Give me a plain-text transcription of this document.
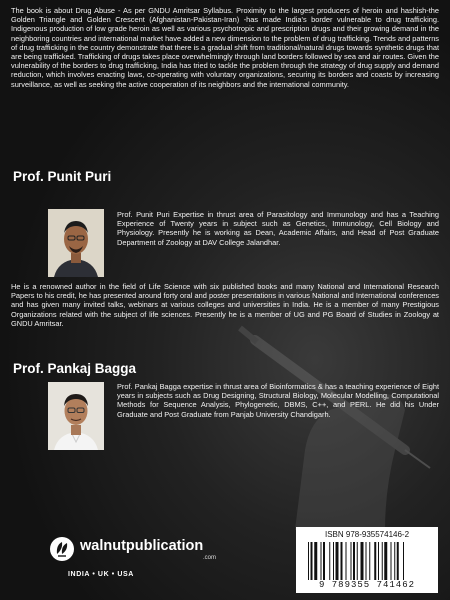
The book is about Drug Abuse - As per GNDU Amritsar Syllabus. Proximity to the largest producers of heroin and hashish-the Golden Triangle and Golden Crescent (Afghanistan-Pakistan-Iran) -has made India's border vulnerable to drug trafficking. Indigenous production of low grade heroin as well as various psychotropic and prescription drugs and their growing demand in the neighboring countries and international market have added a new dimension to the problem of drug trafficking. Trends and patterns of drug trafficking in the country demonstrate that there is a gradual shift from traditional/natural drugs towards synthetic drugs that are being trafficked. Trafficking of drugs takes place overwhelmingly through land borders followed by sea and air routes. Given the vulnerability of the borders to drug trafficking, India has tried to tackle the problem through the strategy of drug supply and demand reduction, which involves enacting laws, co-operating with voluntary organizations, securing its borders and coasts by increasing surveillance, as well as seeking the active cooperation of its neighbors and the international community.

Prof. Punit Puri

Prof. Punit Puri Expertise in thrust area of Parasitology and Immunology and has a Teaching Experience of Twenty years in subject such as Genetics, Immunology, Cell Biology and Physiology. Presently he is working as Dean, Academic Affairs, and Head of Post Graduate Department of Zoology at DAV College Jalandhar.

He is a renowned author in the field of Life Science with six published books and many National and International Research Papers to his credit, he has presented around forty oral and poster presentations in various National and International conferences and has given many invited talks, webinars at various colleges and universities in India. He is a member of many Prestigious Organizations related with the subject of life sciences. Presently he is a member of UG and PG Board of Studies in Zoology at GNDU Amritsar.

Prof. Pankaj Bagga

Prof. Pankaj Bagga expertise in thrust area of Bioinformatics & has a teaching experience of Eight years in subjects such as Drug Designing, Structural Biology, Molecular Modelling, Computational Methods for Sequence Analysis, Phylogenetic, DBMS, C++, and PERL. He did his Under Graduate and Post Graduate from Panjab University Chandigarh.

walnutpublication
.com
INDIA • UK • USA
ISBN 978-935574146-2
9 789355 741462
